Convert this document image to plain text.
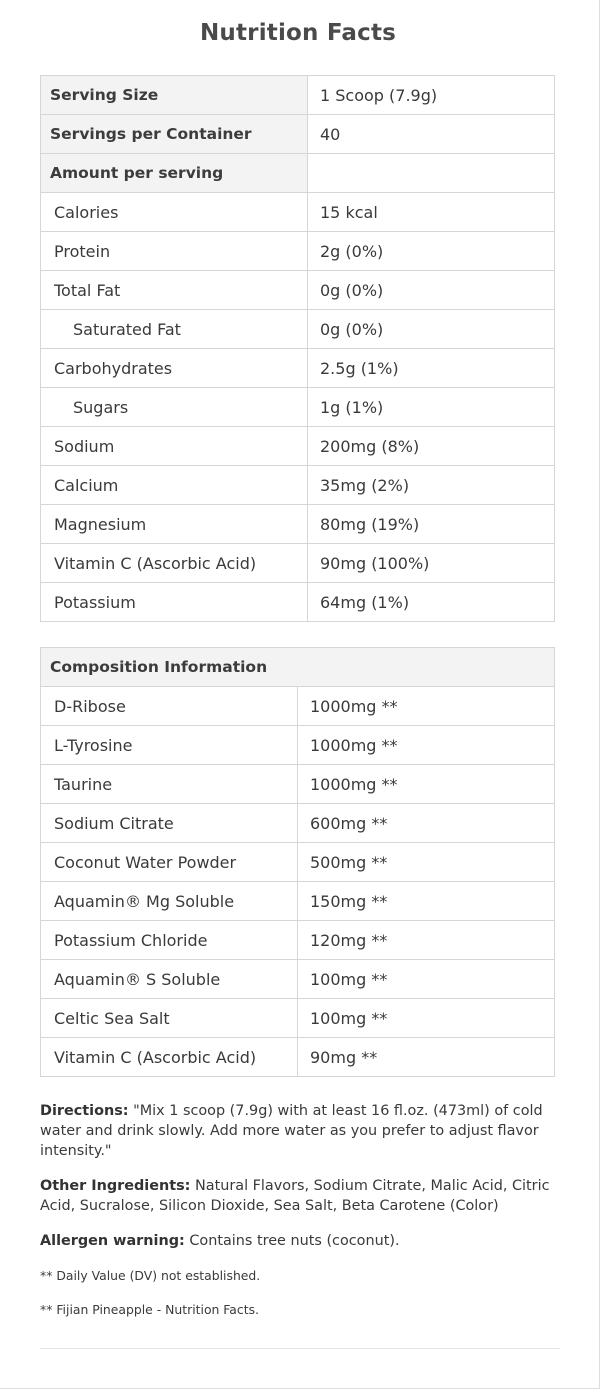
Nutrition Facts
Serving Size	1 Scoop (7.9g)
Servings per Container	40
Amount per serving	
Calories	15 kcal
Protein	2g (0%)
Total Fat	0g (0%)
Saturated Fat	0g (0%)
Carbohydrates	2.5g (1%)
Sugars	1g (1%)
Sodium	200mg (8%)
Calcium	35mg (2%)
Magnesium	80mg (19%)
Vitamin C (Ascorbic Acid)	90mg (100%)
Potassium	64mg (1%)
Composition Information	
D-Ribose	1000mg **
L-Tyrosine	1000mg **
Taurine	1000mg **
Sodium Citrate	600mg **
Coconut Water Powder	500mg **
Aquamin® Mg Soluble	150mg **
Potassium Chloride	120mg **
Aquamin® S Soluble	100mg **
Celtic Sea Salt	100mg **
Vitamin C (Ascorbic Acid)	90mg **

Directions: "Mix 1 scoop (7.9g) with at least 16 fl.oz. (473ml) of cold water and drink slowly. Add more water as you prefer to adjust flavor intensity."

Other Ingredients: Natural Flavors, Sodium Citrate, Malic Acid, Citric Acid, Sucralose, Silicon Dioxide, Sea Salt, Beta Carotene (Color)

Allergen warning: Contains tree nuts (coconut).

** Daily Value (DV) not established.

** Fijian Pineapple - Nutrition Facts.
